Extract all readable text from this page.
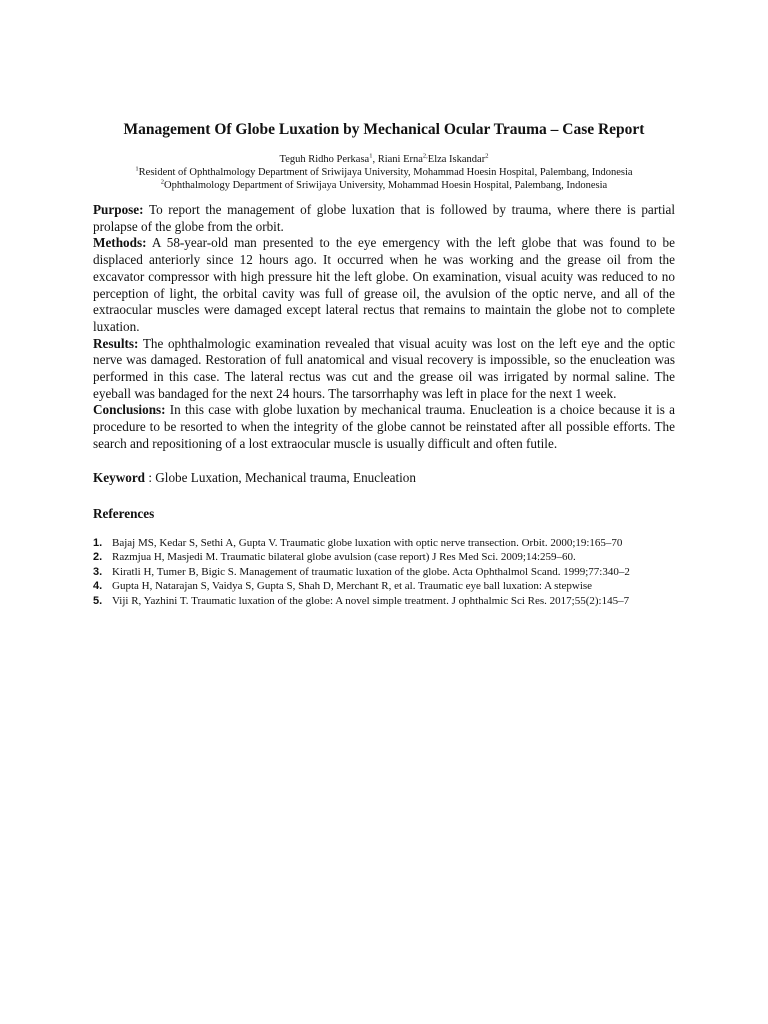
Management Of Globe Luxation by Mechanical Ocular Trauma – Case Report
Teguh Ridho Perkasa$^1$, Riani Erna$^{2,}$Elza Iskandar$^2$
$^1$Resident of Ophthalmology Department of Sriwijaya University, Mohammad Hoesin Hospital, Palembang, Indonesia
$^2$Ophthalmology Department of Sriwijaya University, Mohammad Hoesin Hospital, Palembang, Indonesia

Purpose: To report the management of globe luxation that is followed by trauma, where there is partial prolapse of the globe from the orbit.

Methods: A 58-year-old man presented to the eye emergency with the left globe that was found to be displaced anteriorly since 12 hours ago. It occurred when he was working and the grease oil from the excavator compressor with high pressure hit the left globe. On examination, visual acuity was reduced to no perception of light, the orbital cavity was full of grease oil, the avulsion of the optic nerve, and all of the extraocular muscles were damaged except lateral rectus that remains to maintain the globe not to complete luxation.

Results: The ophthalmologic examination revealed that visual acuity was lost on the left eye and the optic nerve was damaged. Restoration of full anatomical and visual recovery is impossible, so the enucleation was performed in this case. The lateral rectus was cut and the grease oil was irrigated by normal saline. The eyeball was bandaged for the next 24 hours. The tarsorrhaphy was left in place for the next 1 week.

Conclusions: In this case with globe luxation by mechanical trauma. Enucleation is a choice because it is a procedure to be resorted to when the integrity of the globe cannot be reinstated after all possible efforts. The search and repositioning of a lost extraocular muscle is usually difficult and often futile.

Keyword : Globe Luxation, Mechanical trauma, Enucleation
References
1. Bajaj MS, Kedar S, Sethi A, Gupta V. Traumatic globe luxation with optic nerve transection. Orbit. 2000;19:165–70
2. Razmjua H, Masjedi M. Traumatic bilateral globe avulsion (case report) J Res Med Sci. 2009;14:259–60.
3. Kiratli H, Tumer B, Bigic S. Management of traumatic luxation of the globe. Acta Ophthalmol Scand. 1999;77:340–2
4. Gupta H, Natarajan S, Vaidya S, Gupta S, Shah D, Merchant R, et al. Traumatic eye ball luxation: A stepwise
5. Viji R, Yazhini T. Traumatic luxation of the globe: A novel simple treatment. J ophthalmic Sci Res. 2017;55(2):145–7
